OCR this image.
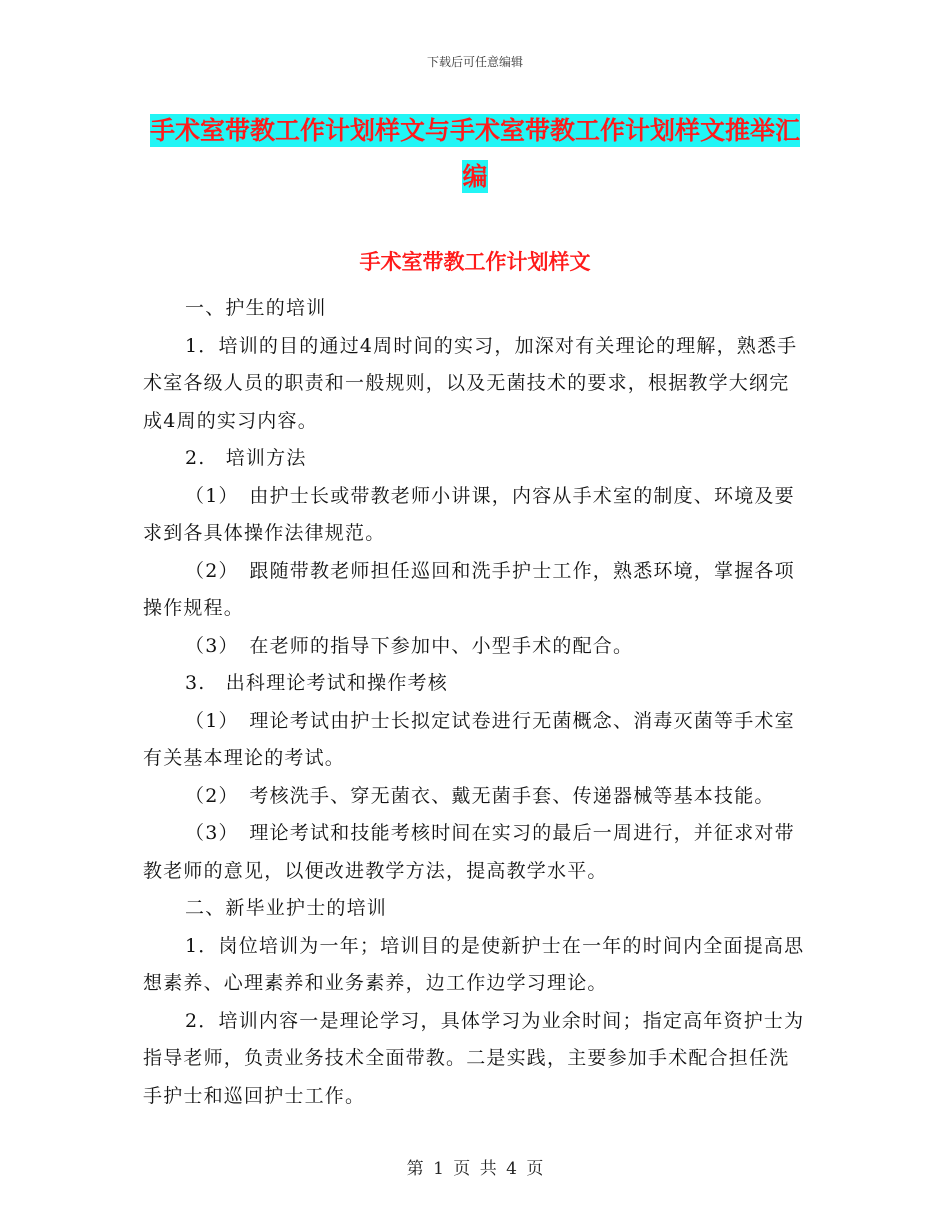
下载后可任意编辑
手术室带教工作计划样文与手术室带教工作计划样文推举汇编
手术室带教工作计划样文

一、护生的培训

1．培训的目的通过4周时间的实习，加深对有关理论的理解，熟悉手术室各级人员的职责和一般规则，以及无菌技术的要求，根据教学大纲完成4周的实习内容。

2.　培训方法

（1）　由护士长或带教老师小讲课，内容从手术室的制度、环境及要求到各具体操作法律规范。

（2）　跟随带教老师担任巡回和洗手护士工作，熟悉环境，掌握各项操作规程。

（3）　在老师的指导下参加中、小型手术的配合。

3.　出科理论考试和操作考核

（1）　理论考试由护士长拟定试卷进行无菌概念、消毒灭菌等手术室有关基本理论的考试。

（2）　考核洗手、穿无菌衣、戴无菌手套、传递器械等基本技能。

（3）　理论考试和技能考核时间在实习的最后一周进行，并征求对带教老师的意见，以便改进教学方法，提高教学水平。

二、新毕业护士的培训

1．岗位培训为一年；培训目的是使新护士在一年的时间内全面提高思想素养、心理素养和业务素养，边工作边学习理论。

2．培训内容一是理论学习，具体学习为业余时间；指定高年资护士为指导老师，负责业务技术全面带教。二是实践，主要参加手术配合担任洗手护士和巡回护士工作。

第 1 页 共 4 页
